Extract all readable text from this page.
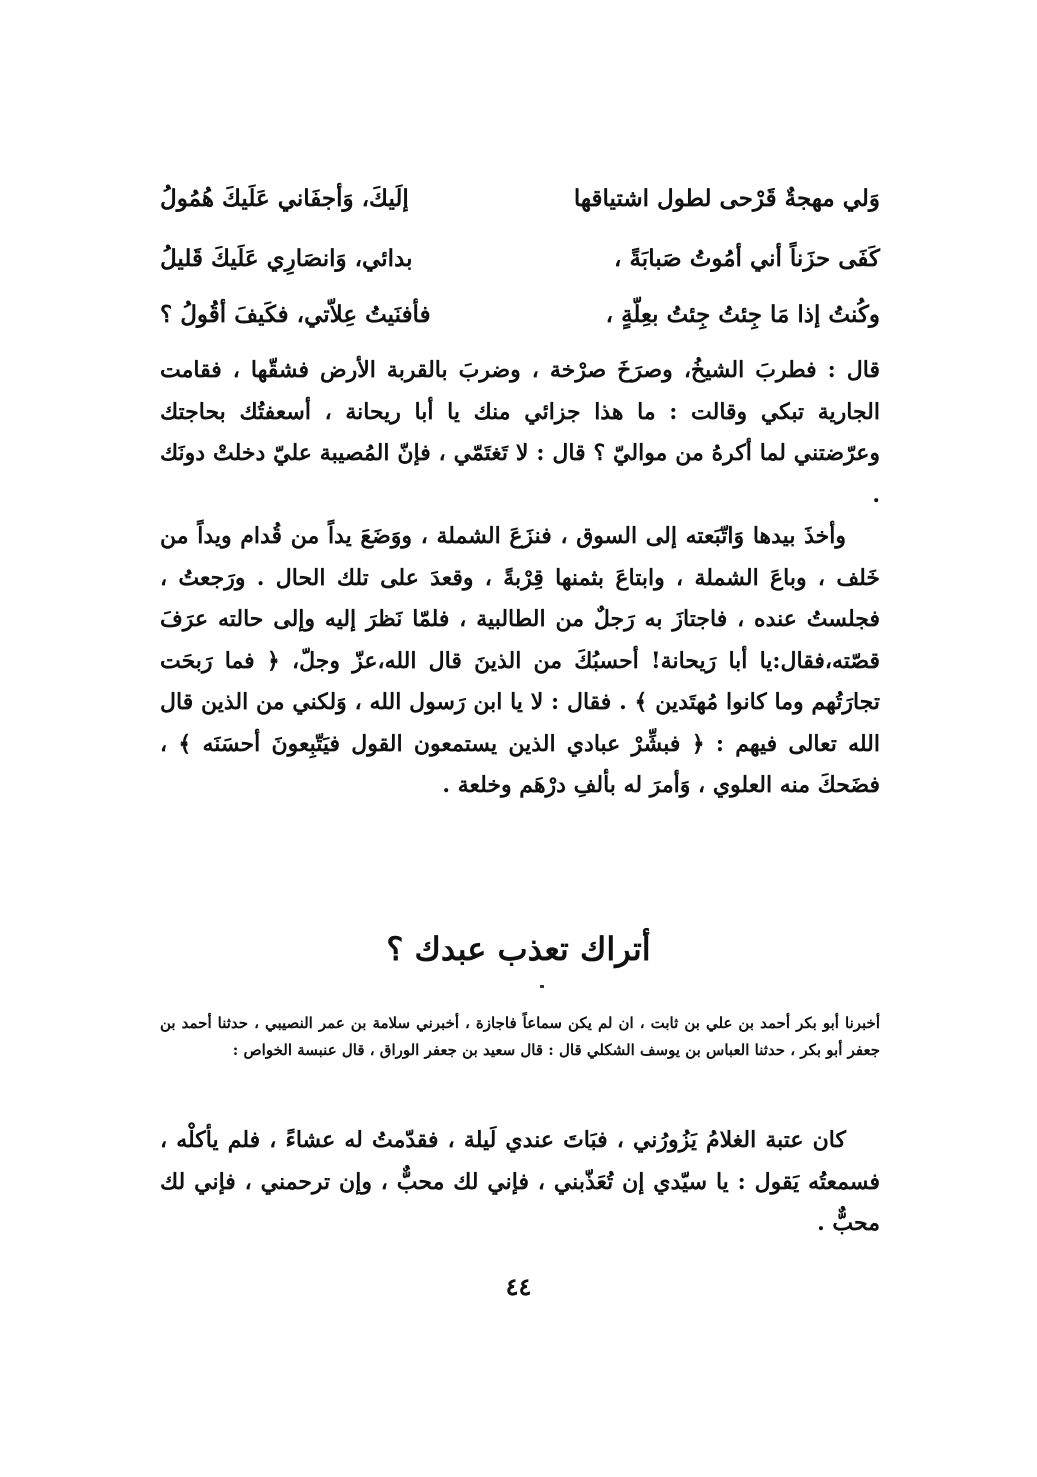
وَلي مهجةٌ قَرْحى لطول اشتياقها
إلَيكَ، وَأجفَاني عَلَيكَ هُمُولُ
كَفَى حزَناً أني أمُوتُ صَبابَةً ،
بدائي، وَانصَارِي عَلَيكَ قَليلُ
وكُنتُ إذا مَا جِئتُ جِئتُ بعِلّةٍ ،
فأفنَيتُ عِلاّتي، فكَيفَ أقُولُ ؟

قال : فطربَ الشيخُ، وصرَخَ صرْخة ، وضربَ بالقربة الأرض فشقّها ، فقامت الجارية تبكي وقالت : ما هذا جزائي منك يا أبا ريحانة ، أسعفتُك بحاجتك وعرّضتني لما أكرهُ من مواليّ ؟ قال : لا تَغتَمّي ، فإنّ المُصيبة عليّ دخلتْ دونَك .

وأخذَ بيدها وَاتّبَعته إلى السوق ، فنزَعَ الشملة ، ووَضَعَ يداً من قُدام ويداً من خَلف ، وباعَ الشملة ، وابتاعَ بثمنها قِرْبةً ، وقعدَ على تلك الحال . ورَجعتُ ، فجلستُ عنده ، فاجتازَ به رَجلٌ من الطالبية ، فلمّا نَظرَ إليه وإلى حالته عرَفَ قصّته،فقال:يا أبا رَيحانة! أحسبُكَ من الذينَ قال الله،عزّ وجلّ، ﴿ فما رَبحَت تجارَتُهم وما كانوا مُهتَدين ﴾ . فقال : لا يا ابن رَسول الله ، وَلكني من الذين قال الله تعالى فيهم : ﴿ فبشِّرْ عبادي الذين يستمعون القول فيَتّبِعونَ أحسَنَه ﴾ ، فضَحكَ منه العلوي ، وَأمرَ له بألفِ درْهَم وخلعة .

أتراك تعذب عبدك ؟
أخبرنا أبو بكر أحمد بن علي بن ثابت ، ان لم يكن سماعاً فاجازة ، أخبرني سلامة بن عمر النصيبي ، حدثنا أحمد بن جعفر أبو بكر ، حدثنا العباس بن يوسف الشكلي قال : قال سعيد بن جعفر الوراق ، قال عنبسة الخواص :

كان عتبة الغلامُ يَزُورُني ، فبَاتَ عندي لَيلة ، فقدّمتُ له عشاءً ، فلم يأكلْه ، فسمعتُه يَقول : يا سيّدي إن تُعَذّبني ، فإني لك محبٌّ ، وإن ترحمني ، فإني لك محبٌّ .

٤٤
